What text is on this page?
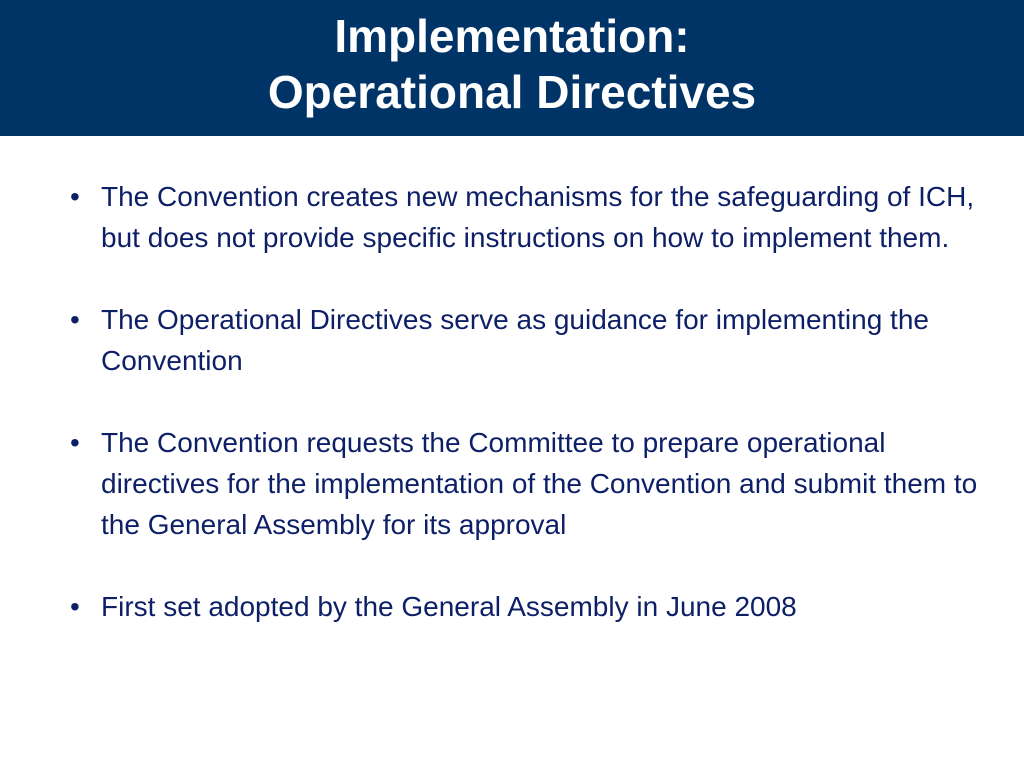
Implementation:
Operational Directives
• The Convention creates new mechanisms for the safeguarding of ICH, but does not provide specific instructions on how to implement them.
• The Operational Directives serve as guidance for implementing the Convention
• The Convention requests the Committee to prepare operational directives for the implementation of the Convention and submit them to the General Assembly for its approval
• First set adopted by the General Assembly in June 2008
